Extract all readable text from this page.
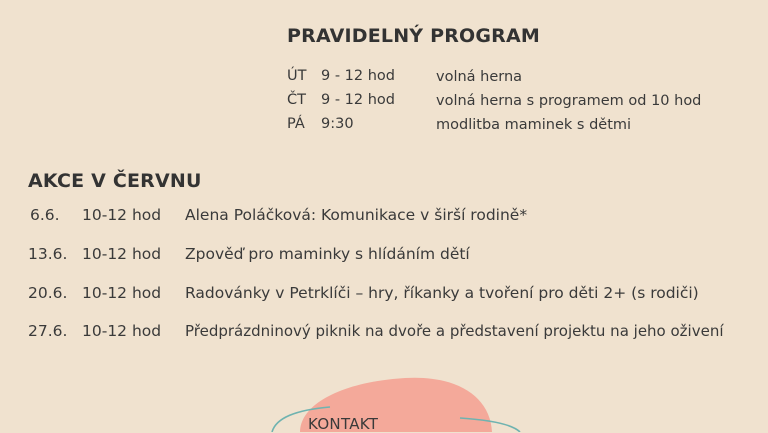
PRAVIDELNÝ PROGRAM
ÚT 9 - 12 hod	volná herna
ČT 9 - 12 hod	volná herna s programem od 10 hod
PÁ 9:30	modlitba maminek s dětmi
AKCE V ČERVNU
6.6. 10-12 hod Alena Poláčková: Komunikace v širší rodině*
13.6. 10-12 hod Zpověď pro maminky s hlídáním dětí
20.6. 10-12 hod Radovánky v Petrklíči – hry, říkanky a tvoření pro děti 2+ (s rodiči)
27.6. 10-12 hod Předprázdninový piknik na dvoře a představení projektu na jeho oživení
KONTAKT
